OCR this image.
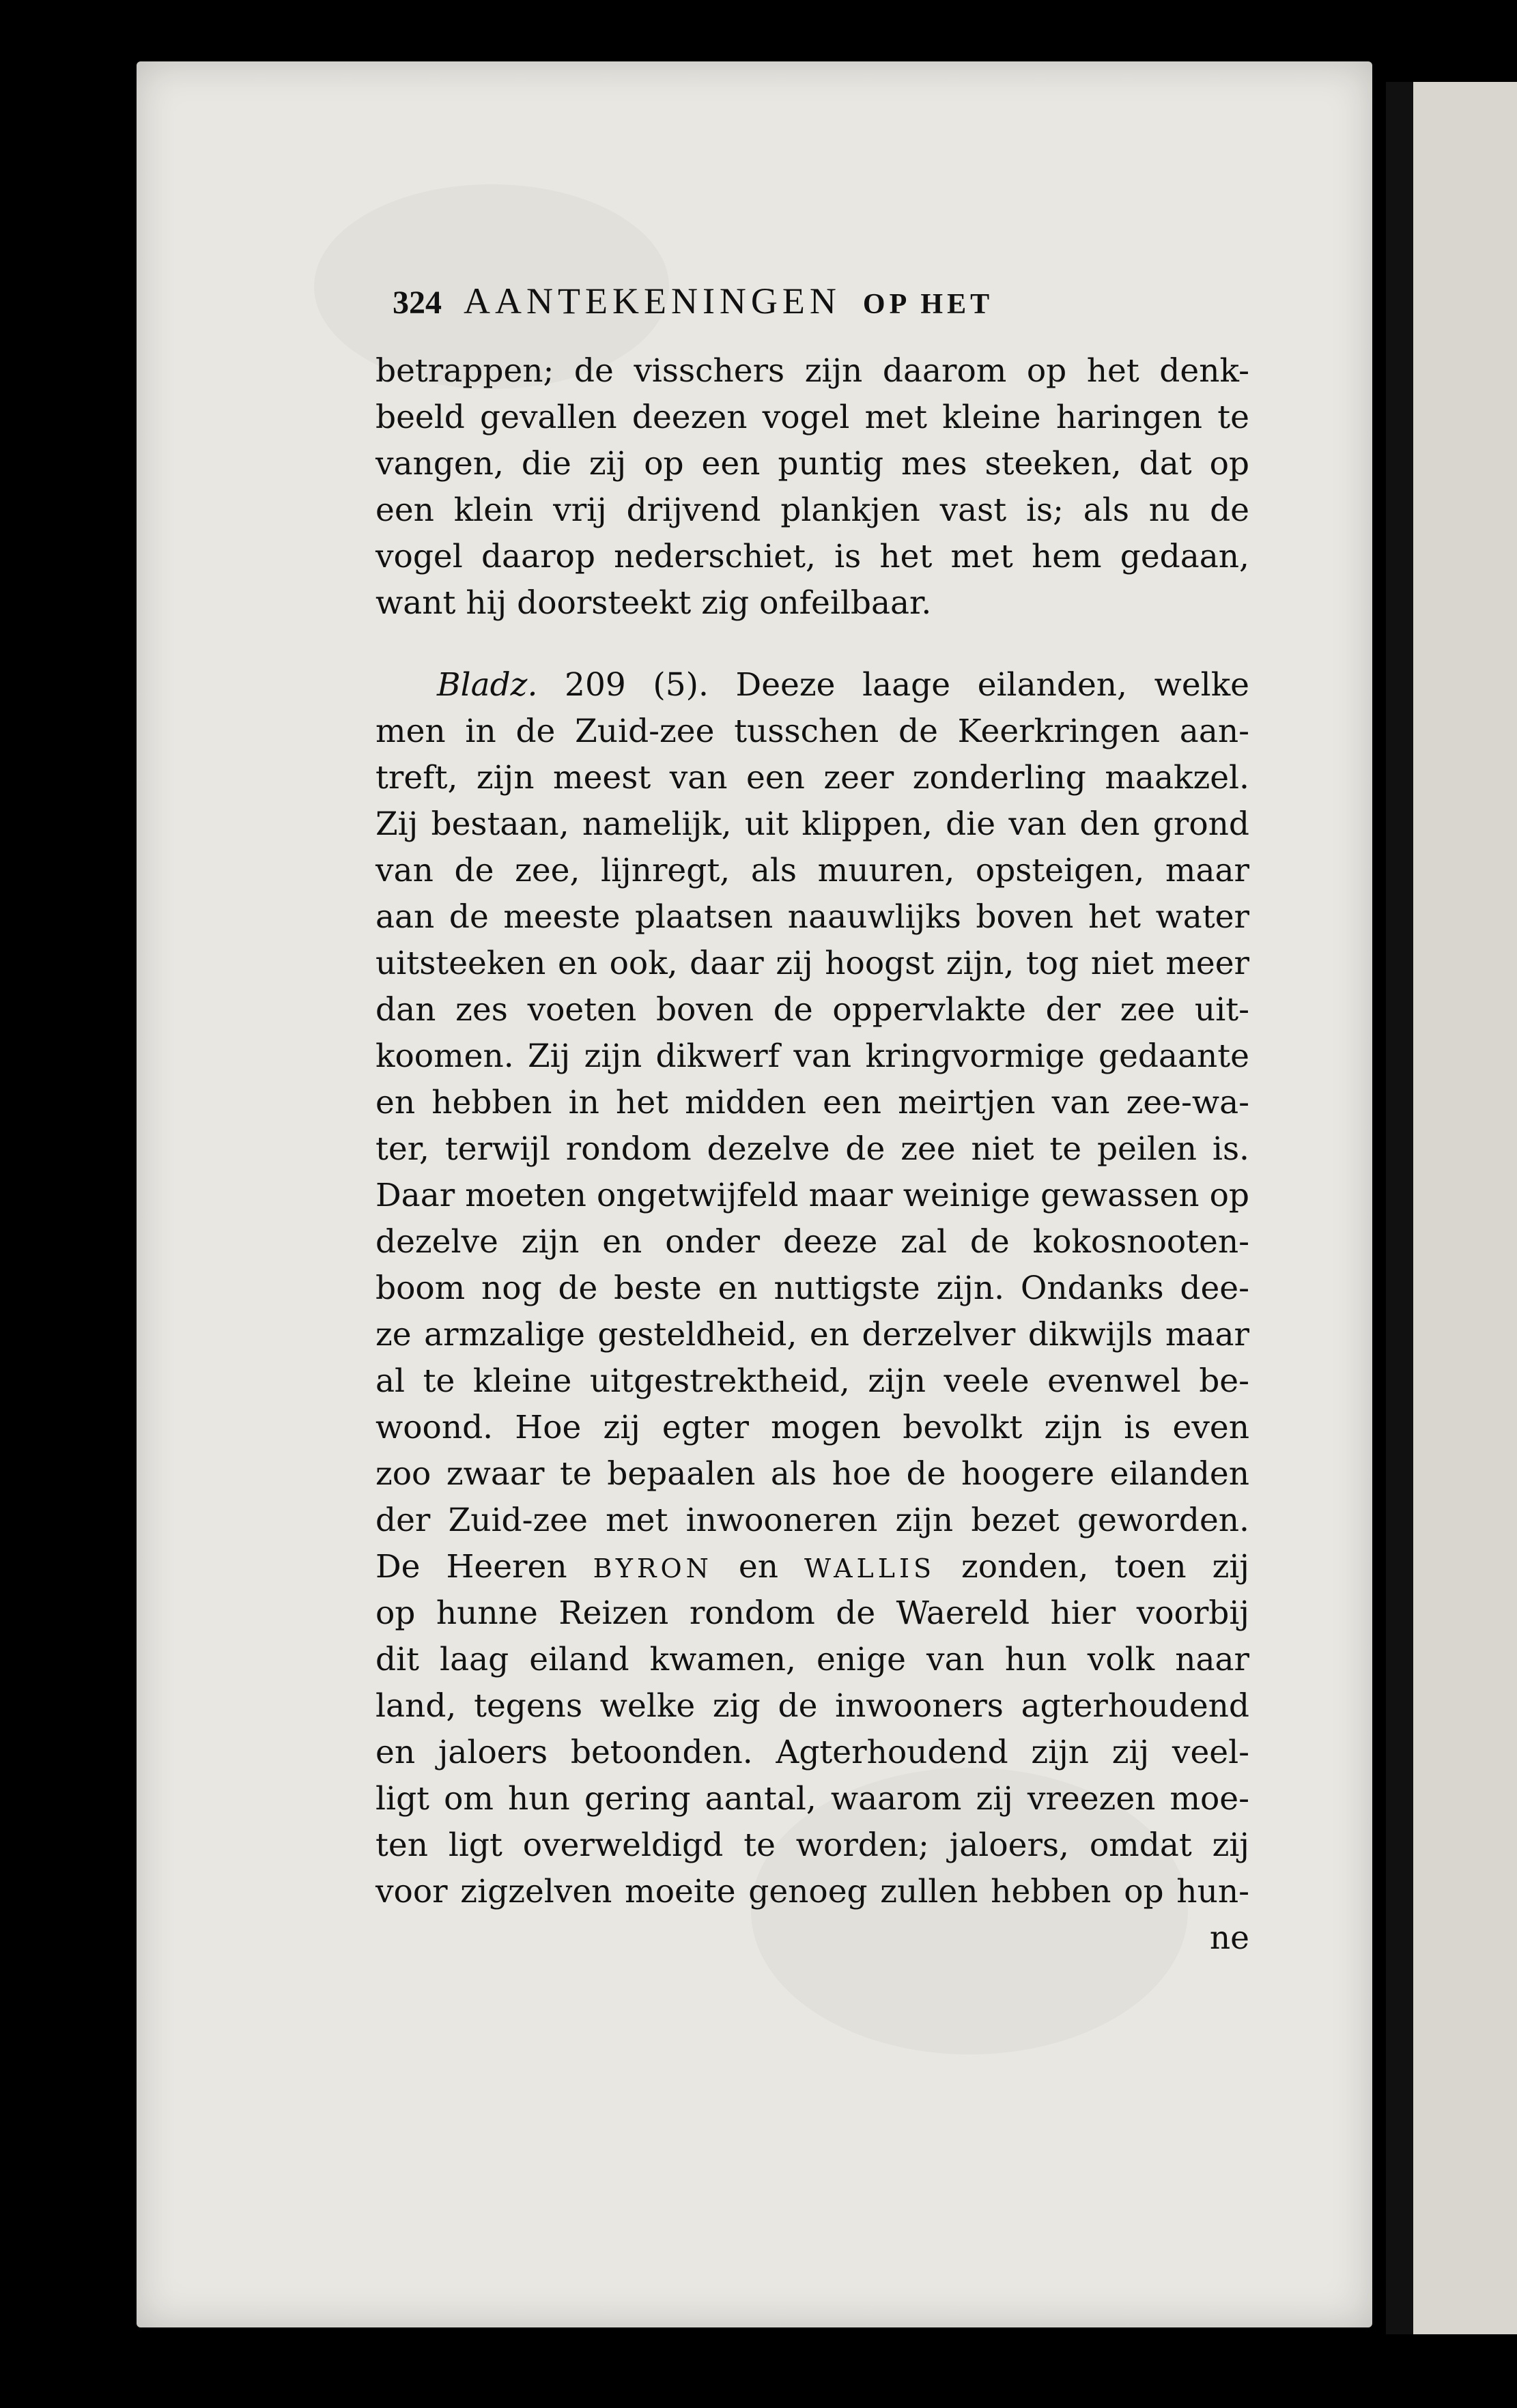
324 AANTEKENINGEN OP HET
betrappen; de visschers zijn daarom op het denk-
beeld gevallen deezen vogel met kleine haringen te
vangen, die zij op een puntig mes steeken, dat op
een klein vrij drijvend plankjen vast is; als nu de
vogel daarop nederschiet, is het met hem gedaan,
want hij doorsteekt zig onfeilbaar.
Bladz. 209 (5). Deeze laage eilanden, welke
men in de Zuid-zee tusschen de Keerkringen aan-
treft, zijn meest van een zeer zonderling maakzel.
Zij bestaan, namelijk, uit klippen, die van den grond
van de zee, lijnregt, als muuren, opsteigen, maar
aan de meeste plaatsen naauwlijks boven het water
uitsteeken en ook, daar zij hoogst zijn, tog niet meer
dan zes voeten boven de oppervlakte der zee uit-
koomen. Zij zijn dikwerf van kringvormige gedaante
en hebben in het midden een meirtjen van zee-wa-
ter, terwijl rondom dezelve de zee niet te peilen is.
Daar moeten ongetwijfeld maar weinige gewassen op
dezelve zijn en onder deeze zal de kokosnooten-
boom nog de beste en nuttigste zijn. Ondanks dee-
ze armzalige gesteldheid, en derzelver dikwijls maar
al te kleine uitgestrektheid, zijn veele evenwel be-
woond. Hoe zij egter mogen bevolkt zijn is even
zoo zwaar te bepaalen als hoe de hoogere eilanden
der Zuid-zee met inwooneren zijn bezet geworden.
De Heeren BYRON en WALLIS zonden, toen zij
op hunne Reizen rondom de Waereld hier voorbij
dit laag eiland kwamen, enige van hun volk naar
land, tegens welke zig de inwooners agterhoudend
en jaloers betoonden. Agterhoudend zijn zij veel-
ligt om hun gering aantal, waarom zij vreezen moe-
ten ligt overweldigd te worden; jaloers, omdat zij
voor zigzelven moeite genoeg zullen hebben op hun-
ne
